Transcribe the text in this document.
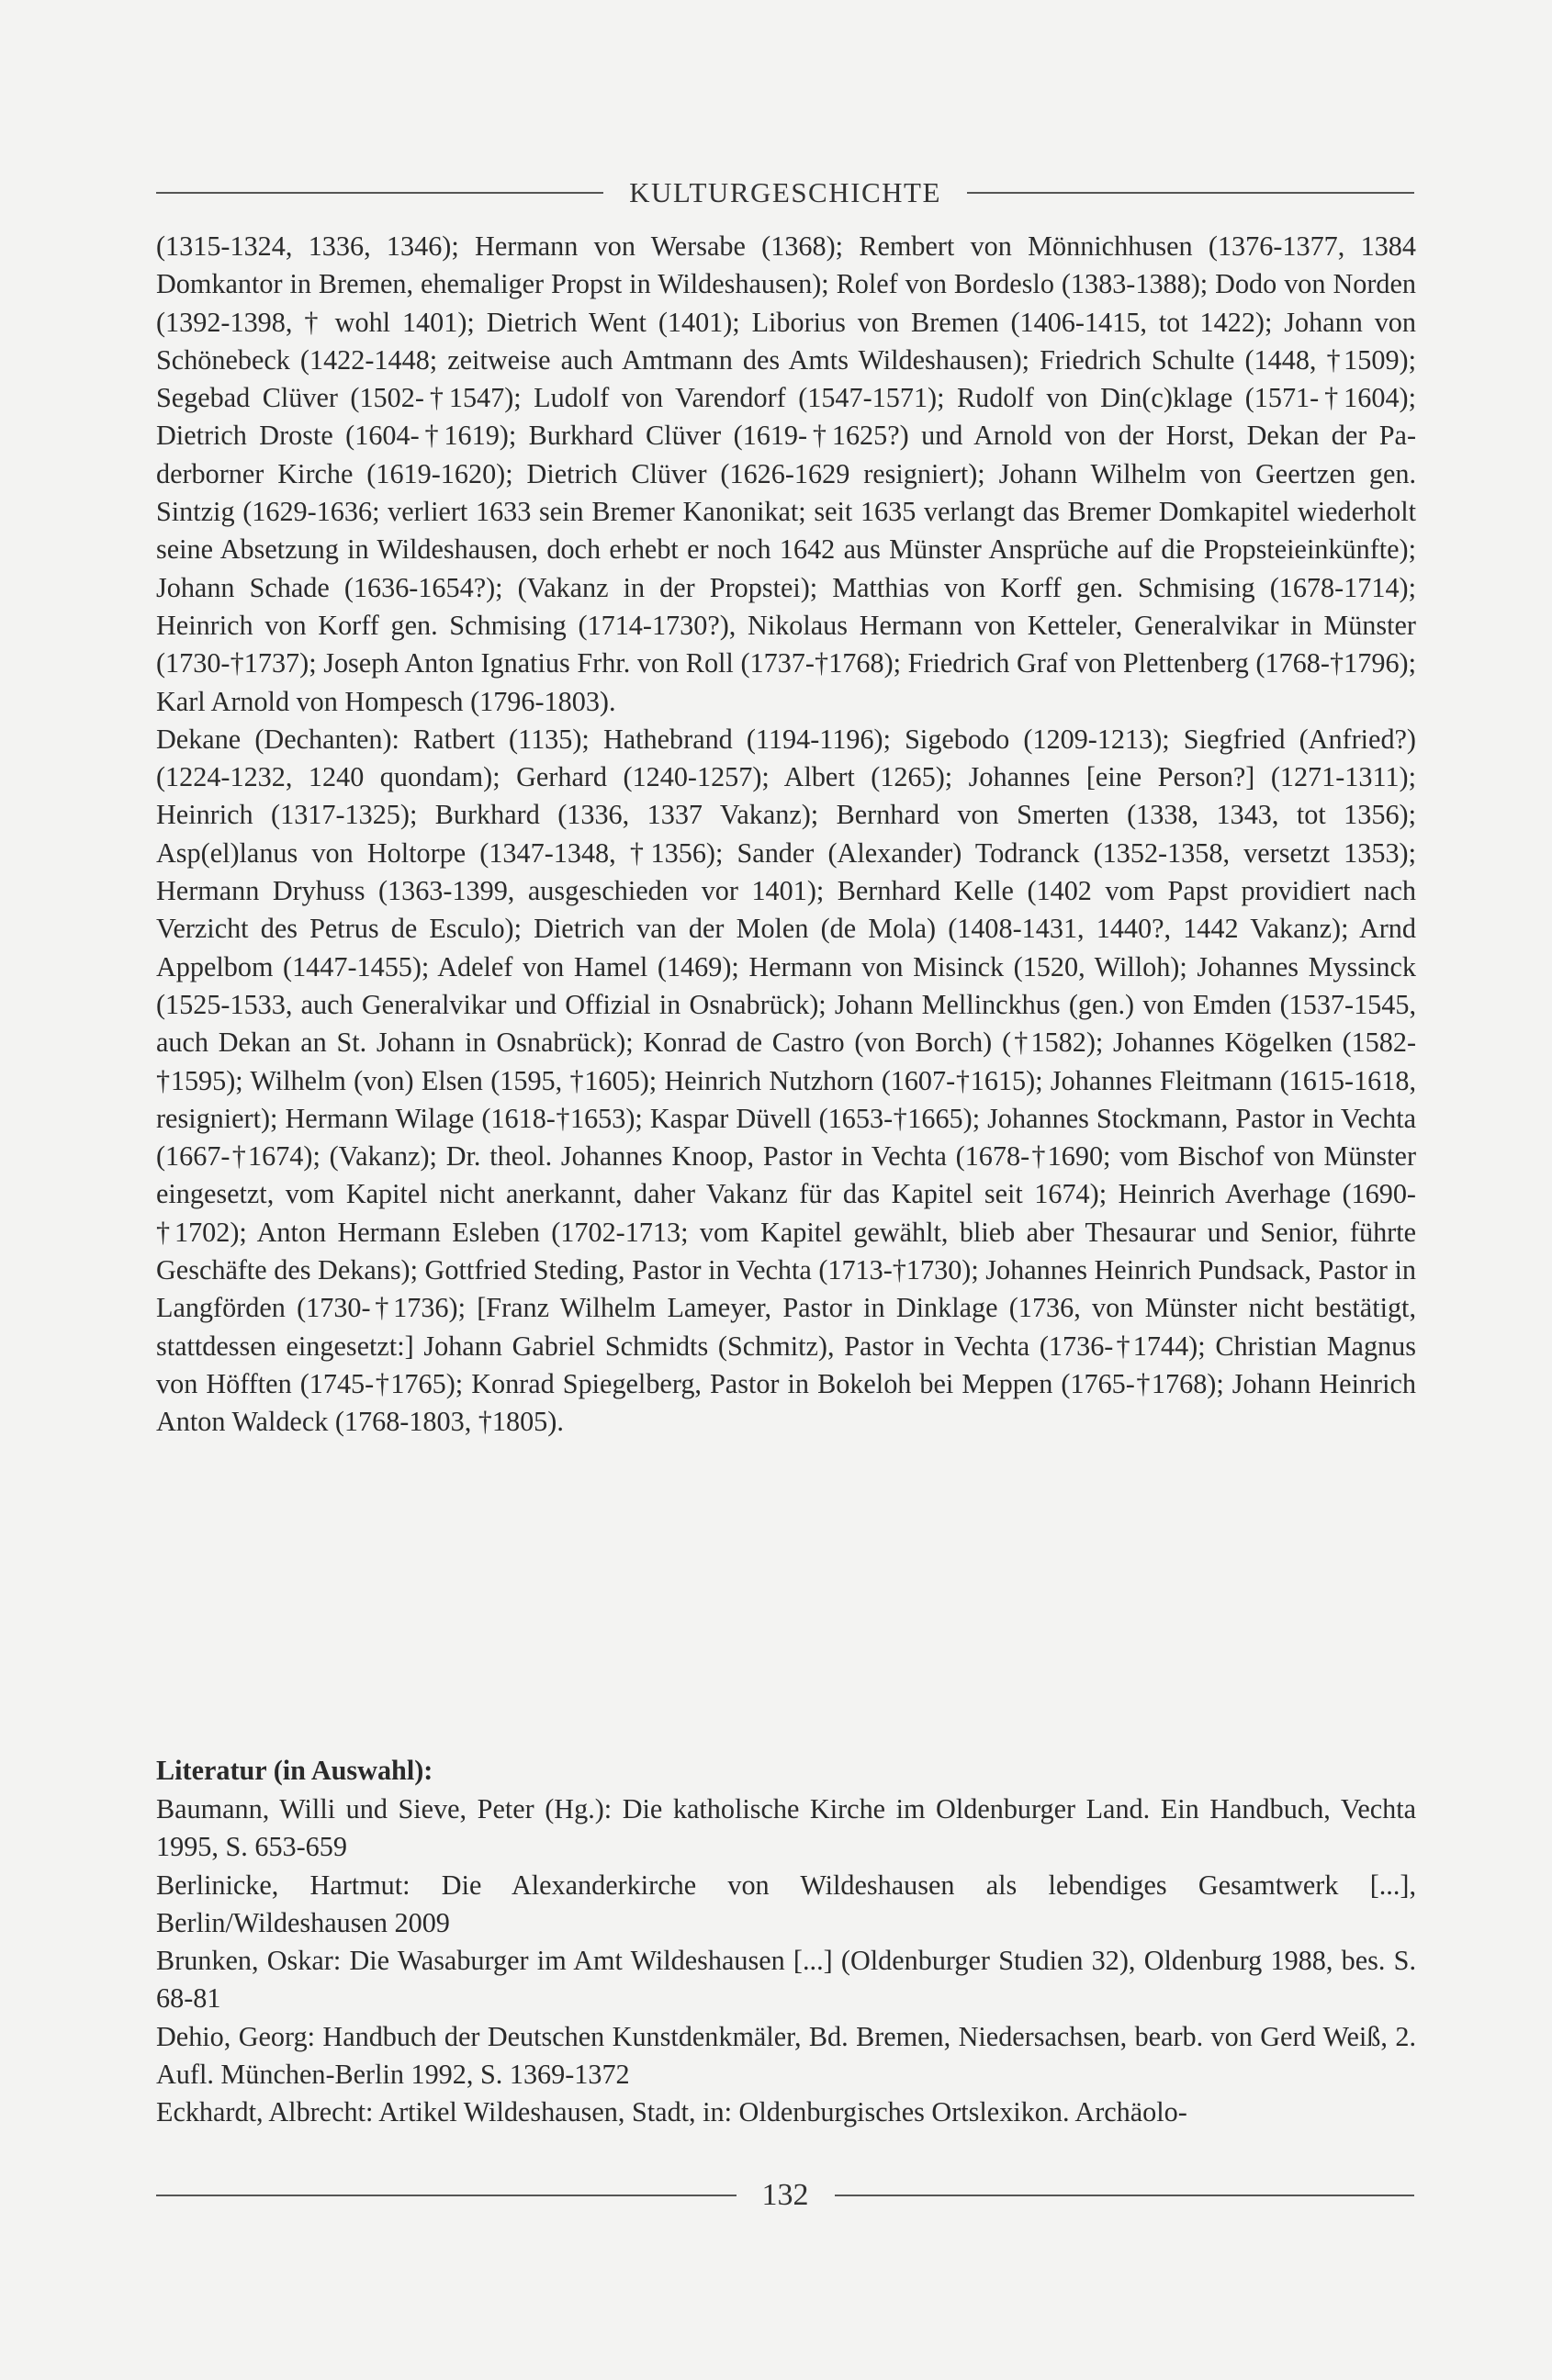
KULTURGESCHICHTE

(1315-1324, 1336, 1346); Hermann von Wersabe (1368); Rembert von Mönnichhusen (1376-1377, 1384 Domkantor in Bremen, ehemaliger Propst in Wildeshausen); Rolef von Bordeslo (1383-1388); Dodo von Norden (1392-1398, † wohl 1401); Dietrich Went (1401); Liborius von Bremen (1406-1415, tot 1422); Johann von Schönebeck (1422-1448; zeitweise auch Amtmann des Amts Wildeshausen); Friedrich Schulte (1448, †1509); Segebad Clüver (1502-†1547); Ludolf von Varendorf (1547-1571); Rudolf von Din(c)klage (1571-†1604); Dietrich Droste (1604-†1619); Burkhard Clüver (1619-†1625?) und Arnold von der Horst, Dekan der Paderborner Kirche (1619-1620); Dietrich Clüver (1626-1629 resigniert); Johann Wilhelm von Geertzen gen. Sintzig (1629-1636; verliert 1633 sein Bremer Kanonikat; seit 1635 verlangt das Bremer Domkapitel wiederholt seine Absetzung in Wildeshausen, doch erhebt er noch 1642 aus Münster Ansprüche auf die Propsteieinkünfte); Johann Schade (1636-1654?); (Vakanz in der Propstei); Matthias von Korff gen. Schmising (1678-1714); Heinrich von Korff gen. Schmising (1714-1730?), Nikolaus Hermann von Ketteler, Generalvikar in Münster (1730-†1737); Joseph Anton Ignatius Frhr. von Roll (1737-†1768); Friedrich Graf von Plettenberg (1768-†1796); Karl Arnold von Hompesch (1796-1803).

Dekane (Dechanten): Ratbert (1135); Hathebrand (1194-1196); Sigebodo (1209-1213); Siegfried (Anfried?) (1224-1232, 1240 quondam); Gerhard (1240-1257); Albert (1265); Johannes [eine Person?] (1271-1311); Heinrich (1317-1325); Burkhard (1336, 1337 Vakanz); Bernhard von Smerten (1338, 1343, tot 1356); Asp(el)lanus von Holtorpe (1347-1348, †1356); Sander (Alexander) Todranck (1352-1358, versetzt 1353); Hermann Dryhuss (1363-1399, ausgeschieden vor 1401); Bernhard Kelle (1402 vom Papst providiert nach Verzicht des Petrus de Esculo); Dietrich van der Molen (de Mola) (1408-1431, 1440?, 1442 Vakanz); Arnd Appelbom (1447-1455); Adelef von Hamel (1469); Hermann von Misinck (1520, Willoh); Johannes Myssinck (1525-1533, auch Generalvikar und Offizial in Osnabrück); Johann Mellinckhus (gen.) von Emden (1537-1545, auch Dekan an St. Johann in Osnabrück); Konrad de Castro (von Borch) (†1582); Johannes Kögelken (1582-†1595); Wilhelm (von) Elsen (1595, †1605); Heinrich Nutzhorn (1607-†1615); Johannes Fleitmann (1615-1618, resigniert); Hermann Wilage (1618-†1653); Kaspar Düvell (1653-†1665); Johannes Stockmann, Pastor in Vechta (1667-†1674); (Vakanz); Dr. theol. Johannes Knoop, Pastor in Vechta (1678-†1690; vom Bischof von Münster eingesetzt, vom Kapitel nicht anerkannt, daher Vakanz für das Kapitel seit 1674); Heinrich Averhage (1690-†1702); Anton Hermann Esleben (1702-1713; vom Kapitel gewählt, blieb aber Thesaurar und Senior, führte Geschäfte des Dekans); Gottfried Steding, Pastor in Vechta (1713-†1730); Johannes Heinrich Pundsack, Pastor in Langförden (1730-†1736); [Franz Wilhelm Lameyer, Pastor in Dinklage (1736, von Münster nicht bestätigt, stattdessen eingesetzt:] Johann Gabriel Schmidts (Schmitz), Pastor in Vechta (1736-†1744); Christian Magnus von Höfften (1745-†1765); Konrad Spiegelberg, Pastor in Bokeloh bei Meppen (1765-†1768); Johann Heinrich Anton Waldeck (1768-1803, †1805).

Literatur (in Auswahl):

Baumann, Willi und Sieve, Peter (Hg.): Die katholische Kirche im Oldenburger Land. Ein Handbuch, Vechta 1995, S. 653-659

Berlinicke, Hartmut: Die Alexanderkirche von Wildeshausen als lebendiges Gesamtwerk [...], Berlin/Wildeshausen 2009

Brunken, Oskar: Die Wasaburger im Amt Wildeshausen [...] (Oldenburger Studien 32), Oldenburg 1988, bes. S. 68-81

Dehio, Georg: Handbuch der Deutschen Kunstdenkmäler, Bd. Bremen, Niedersachsen, bearb. von Gerd Weiß, 2. Aufl. München-Berlin 1992, S. 1369-1372

Eckhardt, Albrecht: Artikel Wildeshausen, Stadt, in: Oldenburgisches Ortslexikon. Archäolo-

132
